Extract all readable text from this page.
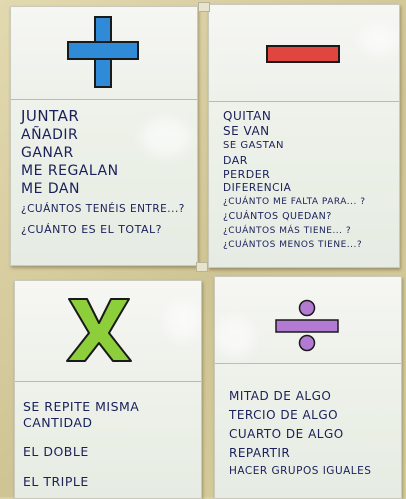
JUNTAR
AÑADIR
GANAR
ME REGALAN
ME DAN
¿CUÁNTOS TENÉIS ENTRE...?
¿CUÁNTO ES EL TOTAL?
QUITAN
SE VAN
SE GASTAN
DAR
PERDER
DIFERENCIA
¿CUÁNTO ME FALTA PARA... ?
¿CUÁNTOS QUEDAN?
¿CUÁNTOS MÁS TIENE... ?
¿CUÁNTOS MENOS TIENE...?
SE REPITE MISMA
CANTIDAD
EL DOBLE
EL TRIPLE
MITAD DE ALGO
TERCIO DE ALGO
CUARTO DE ALGO
REPARTIR
HACER GRUPOS IGUALES
